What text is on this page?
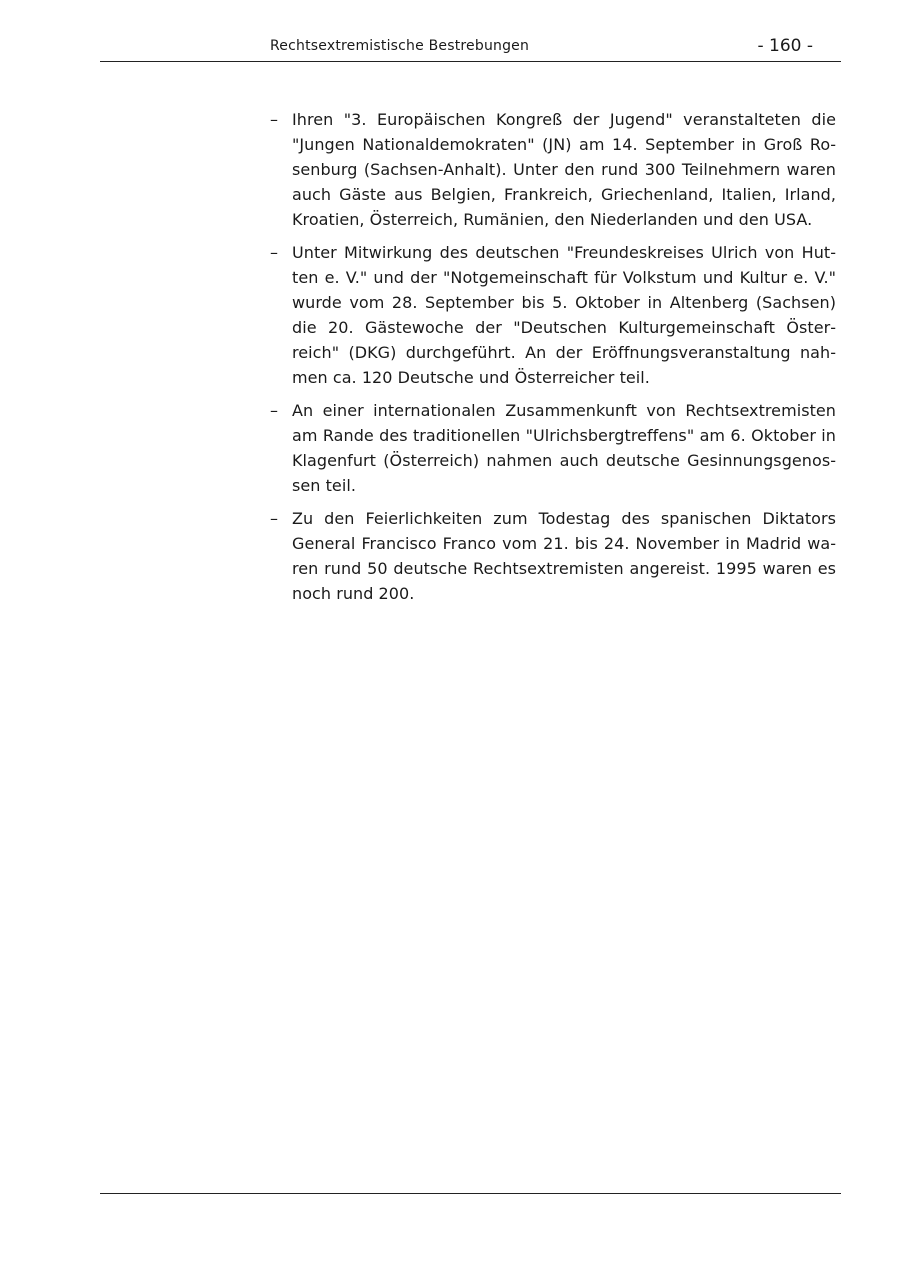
Rechtsextremistische Bestrebungen	- 160 -
– Ihren "3. Europäischen Kongreß der Jugend" veranstalteten die "Jungen Nationaldemokraten" (JN) am 14. September in Groß Rosenburg (Sachsen-Anhalt). Unter den rund 300 Teilnehmern waren auch Gäste aus Belgien, Frankreich, Griechenland, Italien, Irland, Kroatien, Österreich, Rumänien, den Niederlanden und den USA.
– Unter Mitwirkung des deutschen "Freundeskreises Ulrich von Hutten e. V." und der "Notgemeinschaft für Volkstum und Kultur e. V." wurde vom 28. September bis 5. Oktober in Altenberg (Sachsen) die 20. Gästewoche der "Deutschen Kulturgemeinschaft Österreich" (DKG) durchgeführt. An der Eröffnungsveranstaltung nahmen ca. 120 Deutsche und Österreicher teil.
– An einer internationalen Zusammenkunft von Rechtsextremisten am Rande des traditionellen "Ulrichsbergtreffens" am 6. Oktober in Klagenfurt (Österreich) nahmen auch deutsche Gesinnungsgenossen teil.
– Zu den Feierlichkeiten zum Todestag des spanischen Diktators General Francisco Franco vom 21. bis 24. November in Madrid waren rund 50 deutsche Rechtsextremisten angereist. 1995 waren es noch rund 200.
